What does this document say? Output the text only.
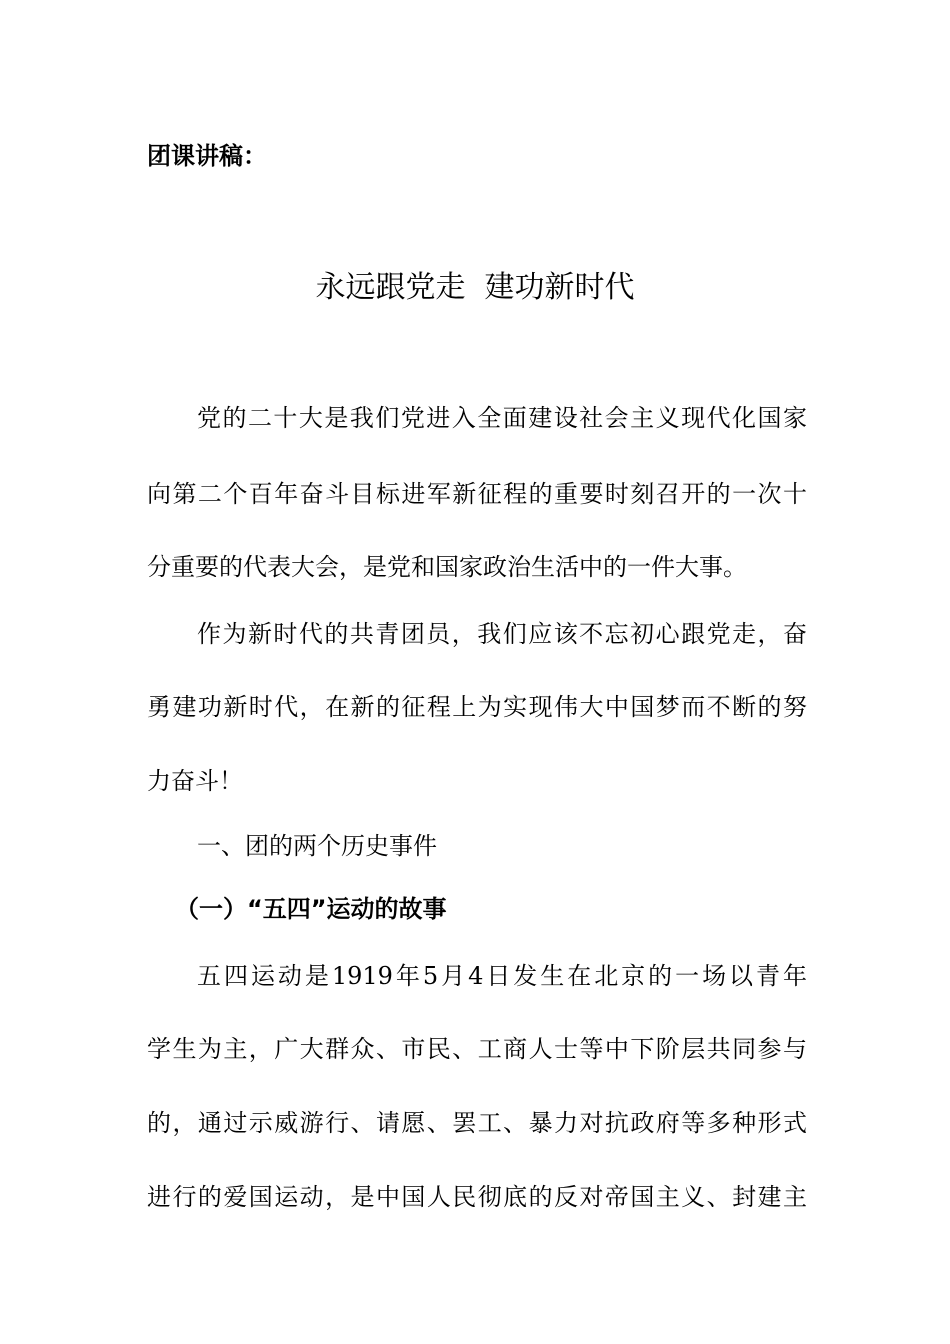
团课讲稿：
永远跟党走  建功新时代
党的二十大是我们党进入全面建设社会主义现代化国家
向第二个百年奋斗目标进军新征程的重要时刻召开的一次十
分重要的代表大会，是党和国家政治生活中的一件大事。
作为新时代的共青团员，我们应该不忘初心跟党走，奋
勇建功新时代，在新的征程上为实现伟大中国梦而不断的努
力奋斗！
一、团的两个历史事件
（一）“五四”运动的故事
五四运动是1919年5月4日发生在北京的一场以青年
学生为主，广大群众、市民、工商人士等中下阶层共同参与
的，通过示威游行、请愿、罢工、暴力对抗政府等多种形式
进行的爱国运动，是中国人民彻底的反对帝国主义、封建主
